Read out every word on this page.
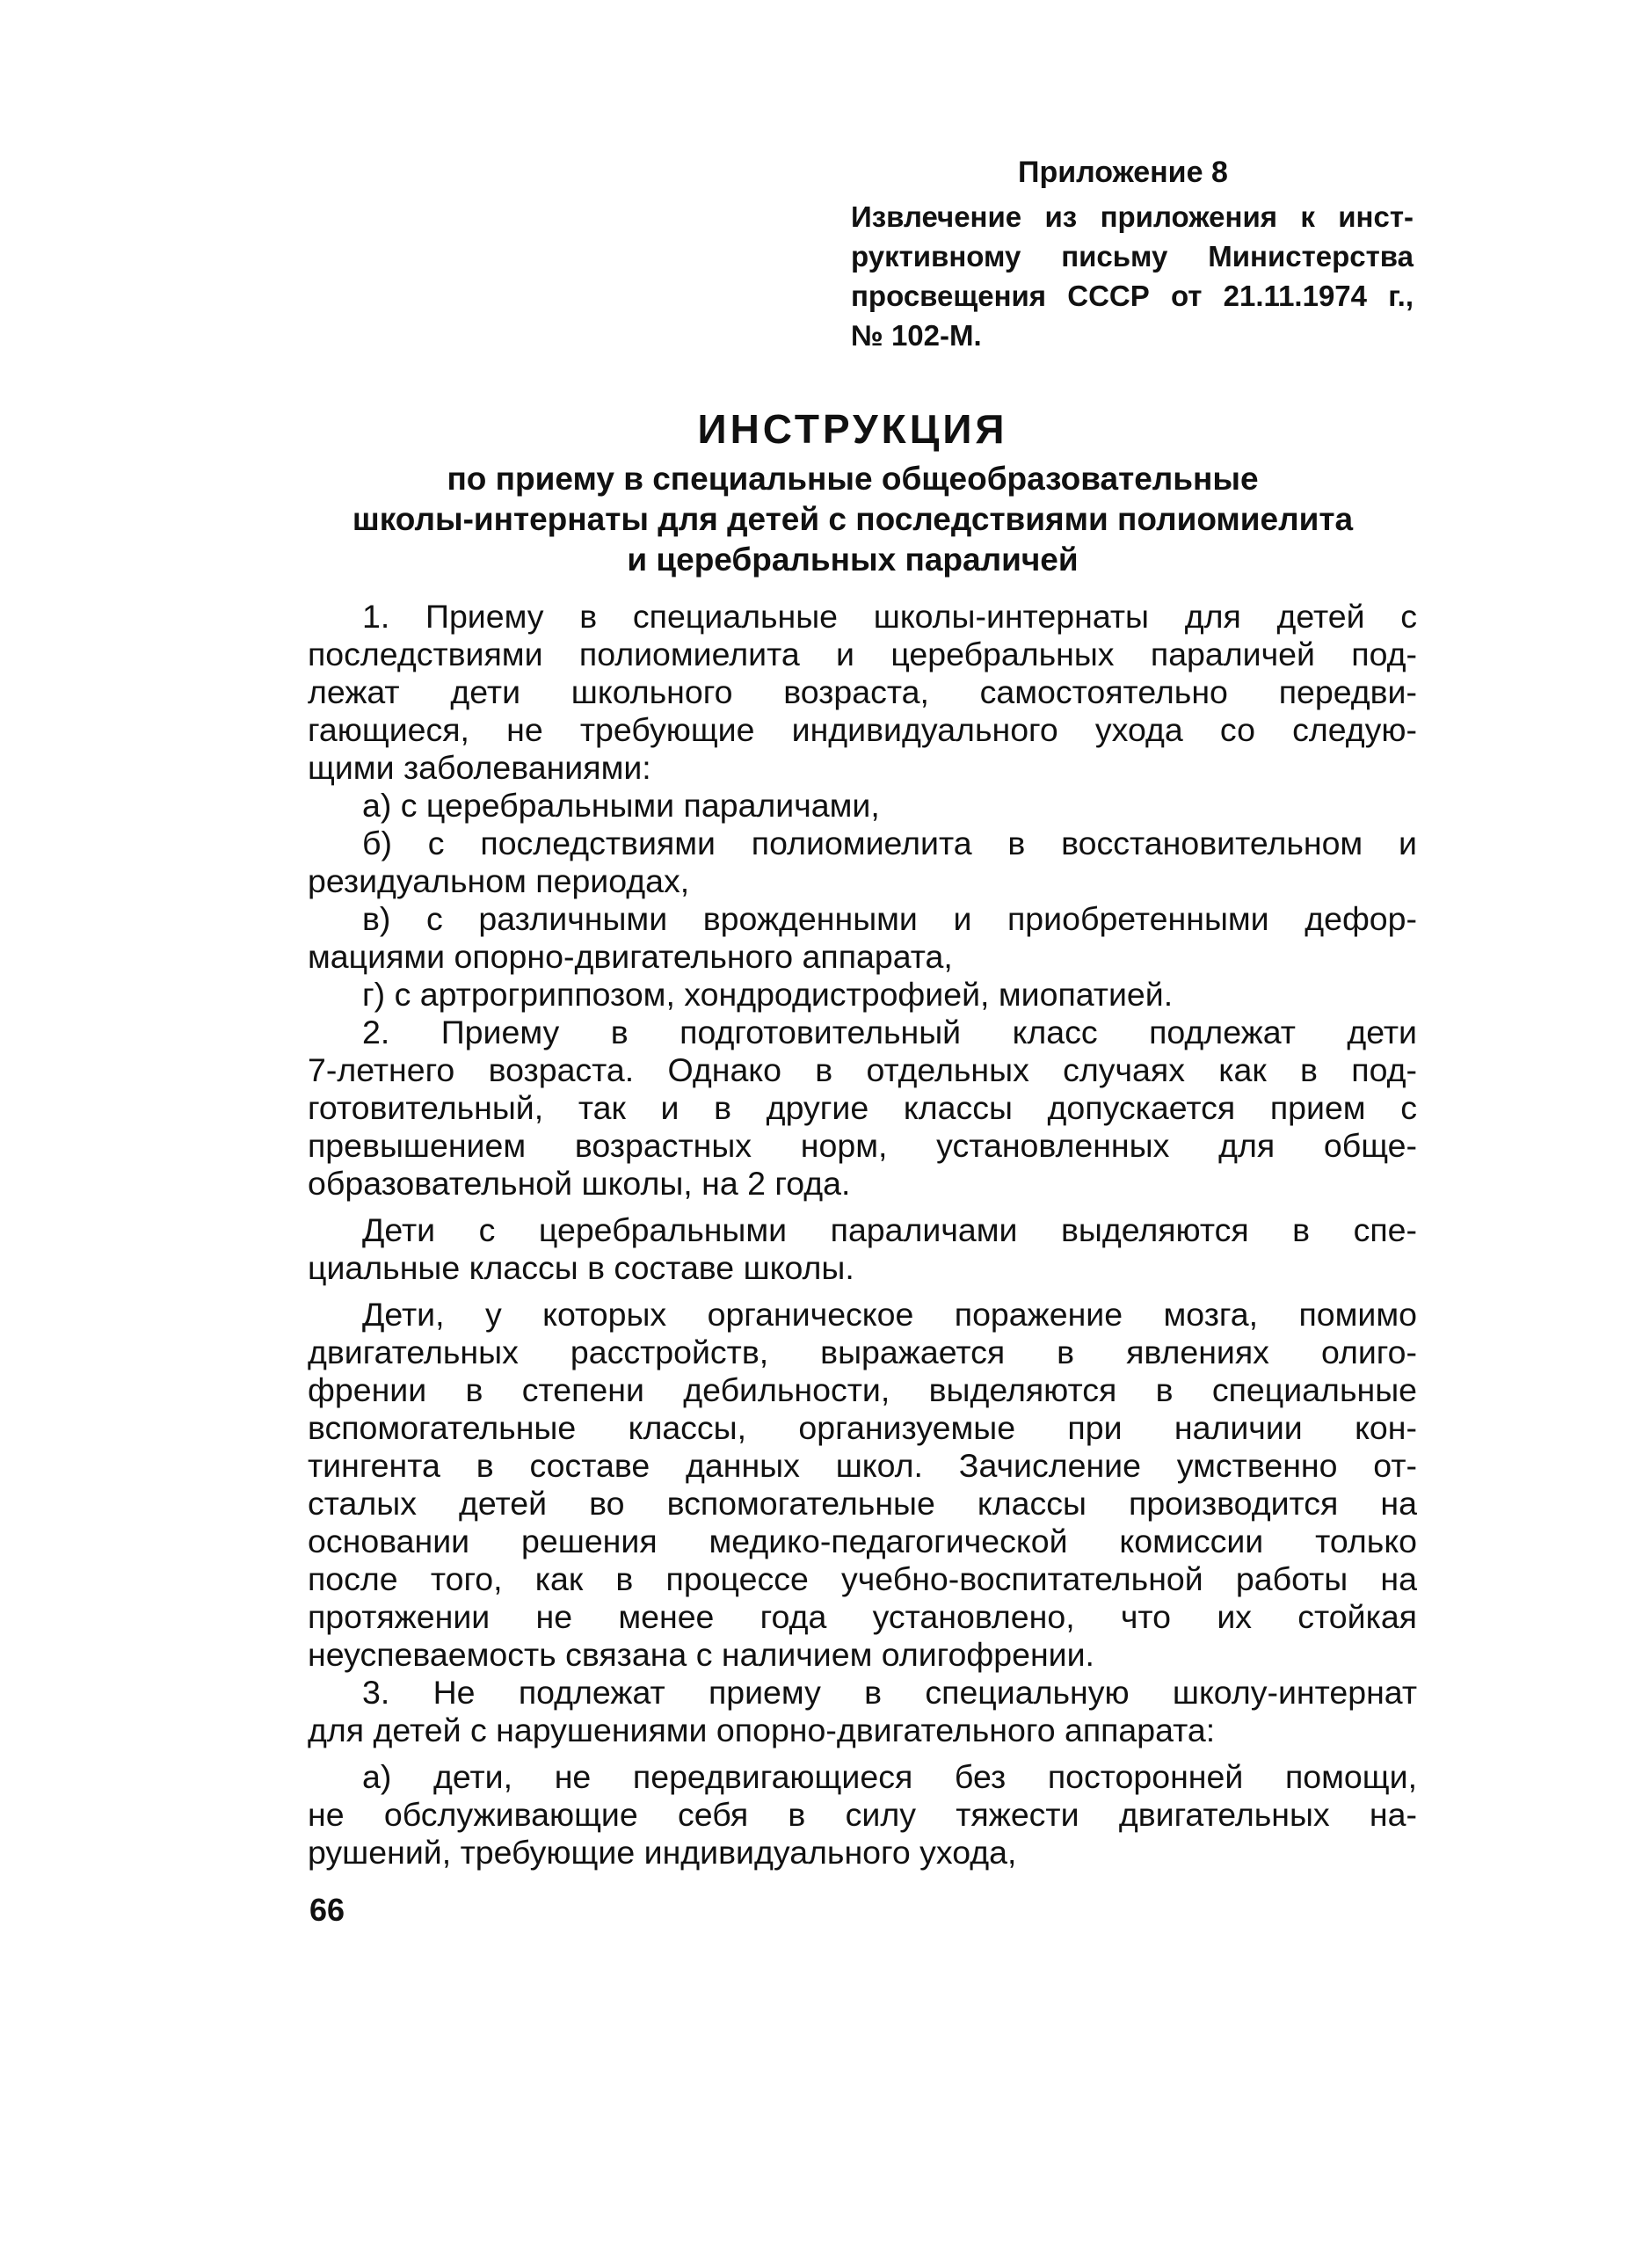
Приложение 8

Извлечение из приложения к инст-
руктивному письму Министерства
просвещения СССР от 21.11.1974 г.,
№ 102-М.

ИНСТРУКЦИЯ
по приему в специальные общеобразовательные
школы-интернаты для детей с последствиями полиомиелита
и церебральных параличей

1. Приему в специальные школы-интернаты для детей с
последствиями полиомиелита и церебральных параличей под-
лежат дети школьного возраста, самостоятельно передви-
гающиеся, не требующие индивидуального ухода со следую-
щими заболеваниями:

а) с церебральными параличами,

б) с последствиями полиомиелита в восстановительном и
резидуальном периодах,

в) с различными врожденными и приобретенными дефор-
мациями опорно-двигательного аппарата,

г) с артрогриппозом, хондродистрофией, миопатией.

2. Приему в подготовительный класс подлежат дети
7-летнего возраста. Однако в отдельных случаях как в под-
готовительный, так и в другие классы допускается прием с
превышением возрастных норм, установленных для обще-
образовательной школы, на 2 года.

Дети с церебральными параличами выделяются в спе-
циальные классы в составе школы.

Дети, у которых органическое поражение мозга, помимо
двигательных расстройств, выражается в явлениях олиго-
френии в степени дебильности, выделяются в специальные
вспомогательные классы, организуемые при наличии кон-
тингента в составе данных школ. Зачисление умственно от-
сталых детей во вспомогательные классы производится на
основании решения медико-педагогической комиссии только
после того, как в процессе учебно-воспитательной работы на
протяжении не менее года установлено, что их стойкая
неуспеваемость связана с наличием олигофрении.

3. Не подлежат приему в специальную школу-интернат
для детей с нарушениями опорно-двигательного аппарата:

а) дети, не передвигающиеся без посторонней помощи,
не обслуживающие себя в силу тяжести двигательных на-
рушений, требующие индивидуального ухода,

66
